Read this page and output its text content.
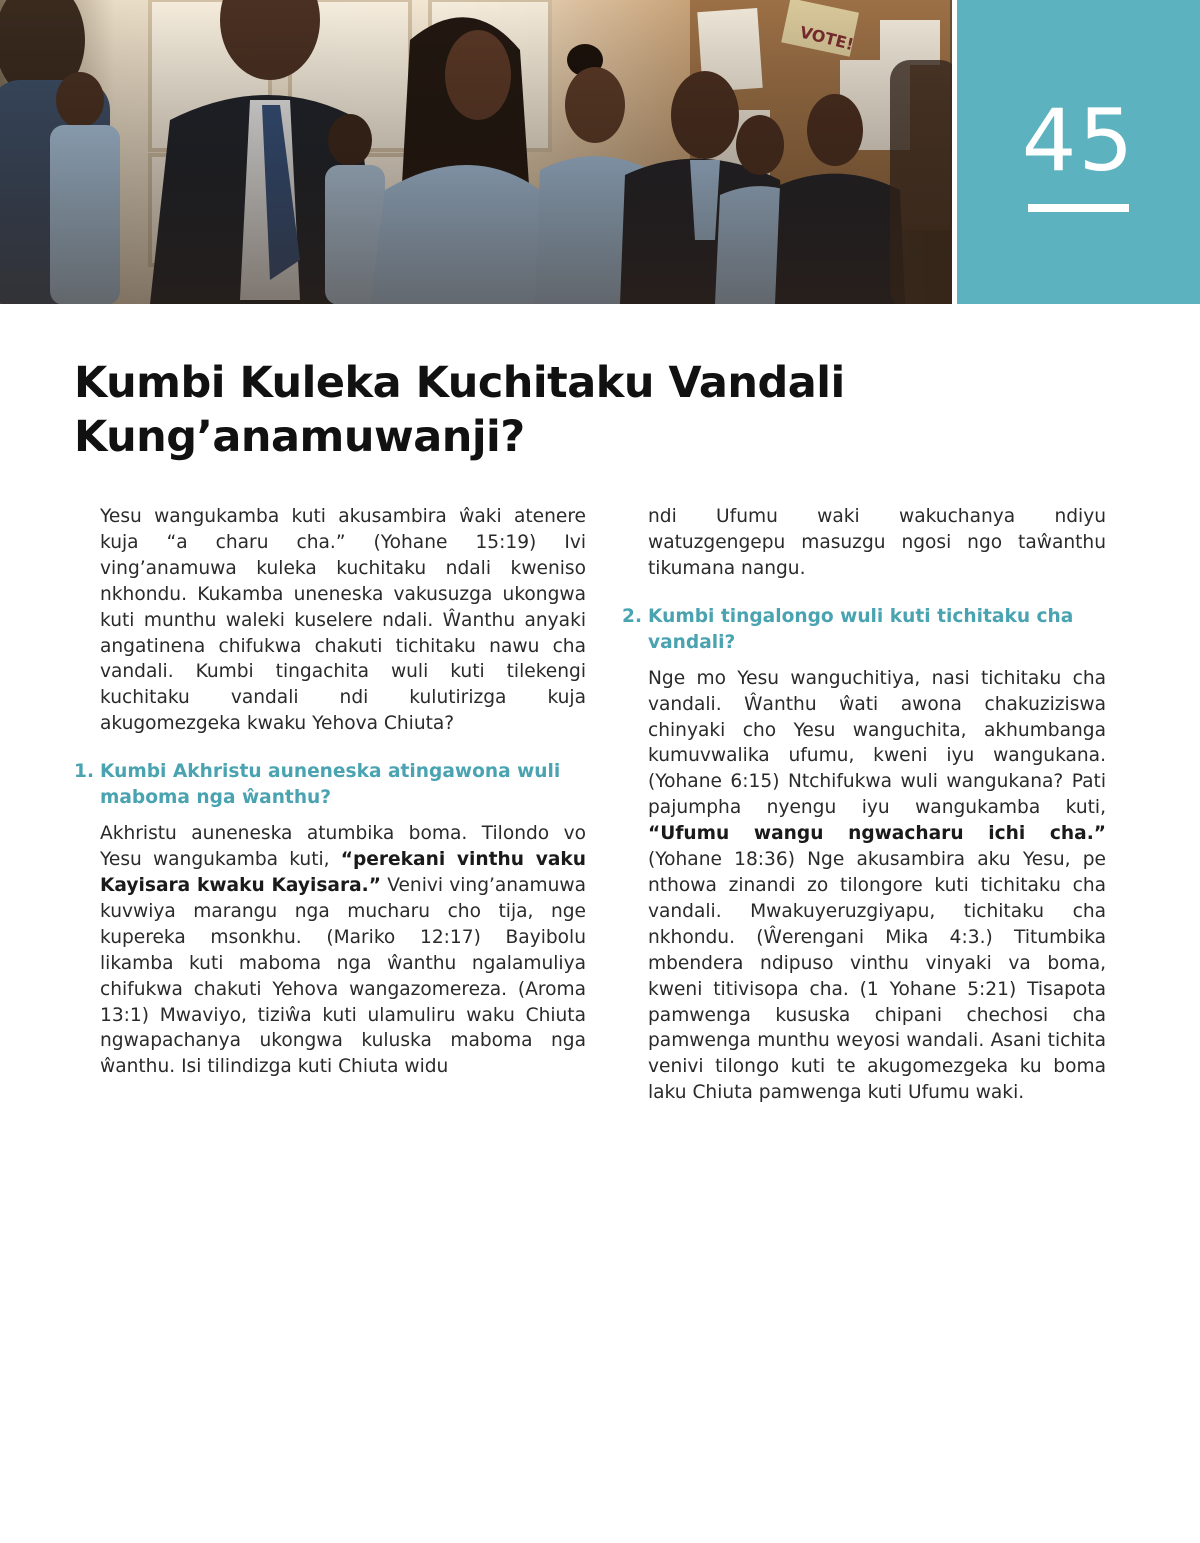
45
Kumbi Kuleka Kuchitaku Vandali
Kung’anamuwanji?

Yesu wangukamba kuti akusambira ŵaki atenere kuja “a charu cha.” (Yohane 15:19) Ivi ving’anamuwa kuleka kuchitaku ndali kweniso nkhondu. Kukamba uneneska vakusuzga ukongwa kuti munthu waleki kuselere ndali. Ŵanthu anyaki angatinena chifukwa chakuti tichitaku nawu cha vandali. Kumbi tingachita wuli kuti tilekengi kuchitaku vandali ndi kulutirizga kuja akugomezgeka kwaku Yehova Chiuta?

1. Kumbi Akhristu auneneska atingawona wuli maboma nga ŵanthu?

Akhristu auneneska atumbika boma. Tilondo vo Yesu wangukamba kuti, “perekani vinthu vaku Kayisara kwaku Kayisara.” Venivi ving’anamuwa kuvwiya marangu nga mucharu cho tija, nge kupereka msonkhu. (Mariko 12:17) Bayibolu likamba kuti maboma nga ŵanthu ngalamuliya chifukwa chakuti Yehova wangazomereza. (Aroma 13:1) Mwaviyo, tiziŵa kuti ulamuliru waku Chiuta ngwapachanya ukongwa kuluska maboma nga ŵanthu. Isi tilindizga kuti Chiuta widu

ndi Ufumu waki wakuchanya ndiyu watuzgengepu masuzgu ngosi ngo taŵanthu tikumana nangu.

2. Kumbi tingalongo wuli kuti tichitaku cha vandali?

Nge mo Yesu wanguchitiya, nasi tichitaku cha vandali. Ŵanthu ŵati awona chakuziziswa chinyaki cho Yesu wanguchita, akhumbanga kumuvwalika ufumu, kweni iyu wangukana. (Yohane 6:15) Ntchifukwa wuli wangukana? Pati pajumpha nyengu iyu wangukamba kuti, “Ufumu wangu ngwacharu ichi cha.” (Yohane 18:36) Nge akusambira aku Yesu, pe nthowa zinandi zo tilongore kuti tichitaku cha vandali. Mwakuyeruzgiyapu, tichitaku cha nkhondu. (Ŵerengani Mika 4:3.) Titumbika mbendera ndipuso vinthu vinyaki va boma, kweni titivisopa cha. (1 Yohane 5:21) Tisapota pamwenga kususka chipani chechosi cha pamwenga munthu weyosi wandali. Asani tichita venivi tilongo kuti te akugomezgeka ku boma laku Chiuta pamwenga kuti Ufumu waki.
